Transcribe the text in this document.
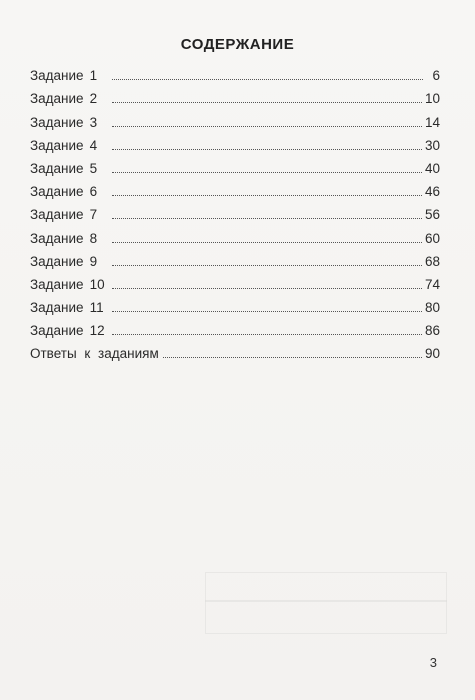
СОДЕРЖАНИЕ
Задание 1	6
Задание 2	10
Задание 3	14
Задание 4	30
Задание 5	40
Задание 6	46
Задание 7	56
Задание 8	60
Задание 9	68
Задание 10	74
Задание 11	80
Задание 12	86
Ответы к заданиям	90
3
